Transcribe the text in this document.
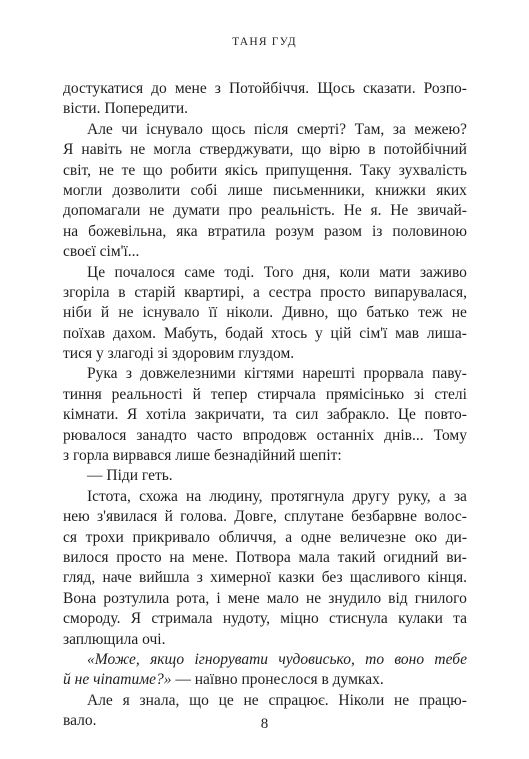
ТАНЯ ГУД
достукатися до мене з Потойбіччя. Щось сказати. Розпо-
вісти. Попередити.
Але чи існувало щось після смерті? Там, за межею?
Я навіть не могла стверджувати, що вірю в потойбічний
світ, не те що робити якісь припущення. Таку зухвалість
могли дозволити собі лише письменники, книжки яких
допомагали не думати про реальність. Не я. Не звичай-
на божевільна, яка втратила розум разом із половиною
своєї сім'ї...
Це почалося саме тоді. Того дня, коли мати заживо
згоріла в старій квартирі, а сестра просто випарувалася,
ніби й не існувало її ніколи. Дивно, що батько теж не
поїхав дахом. Мабуть, бодай хтось у цій сім'ї мав лиша-
тися у злагоді зі здоровим глуздом.
Рука з довжелезними кігтями нарешті прорвала паву-
тиння реальності й тепер стирчала прямісінько зі стелі
кімнати. Я хотіла закричати, та сил забракло. Це повто-
рювалося занадто часто впродовж останніх днів... Тому
з горла вирвався лише безнадійний шепіт:
— Піди геть.
Істота, схожа на людину, протягнула другу руку, а за
нею з'явилася й голова. Довге, сплутане безбарвне волос-
ся трохи прикривало обличчя, а одне величезне око ди-
вилося просто на мене. Потвора мала такий огидний ви-
гляд, наче вийшла з химерної казки без щасливого кінця.
Вона розтулила рота, і мене мало не знудило від гнилого
смороду. Я стримала нудоту, міцно стиснула кулаки та
заплющила очі.
«Може, якщо ігнорувати чудовисько, то воно тебе
й не чіпатиме?» — наївно пронеслося в думках.
Але я знала, що це не спрацює. Ніколи не працю-
вало.	8
